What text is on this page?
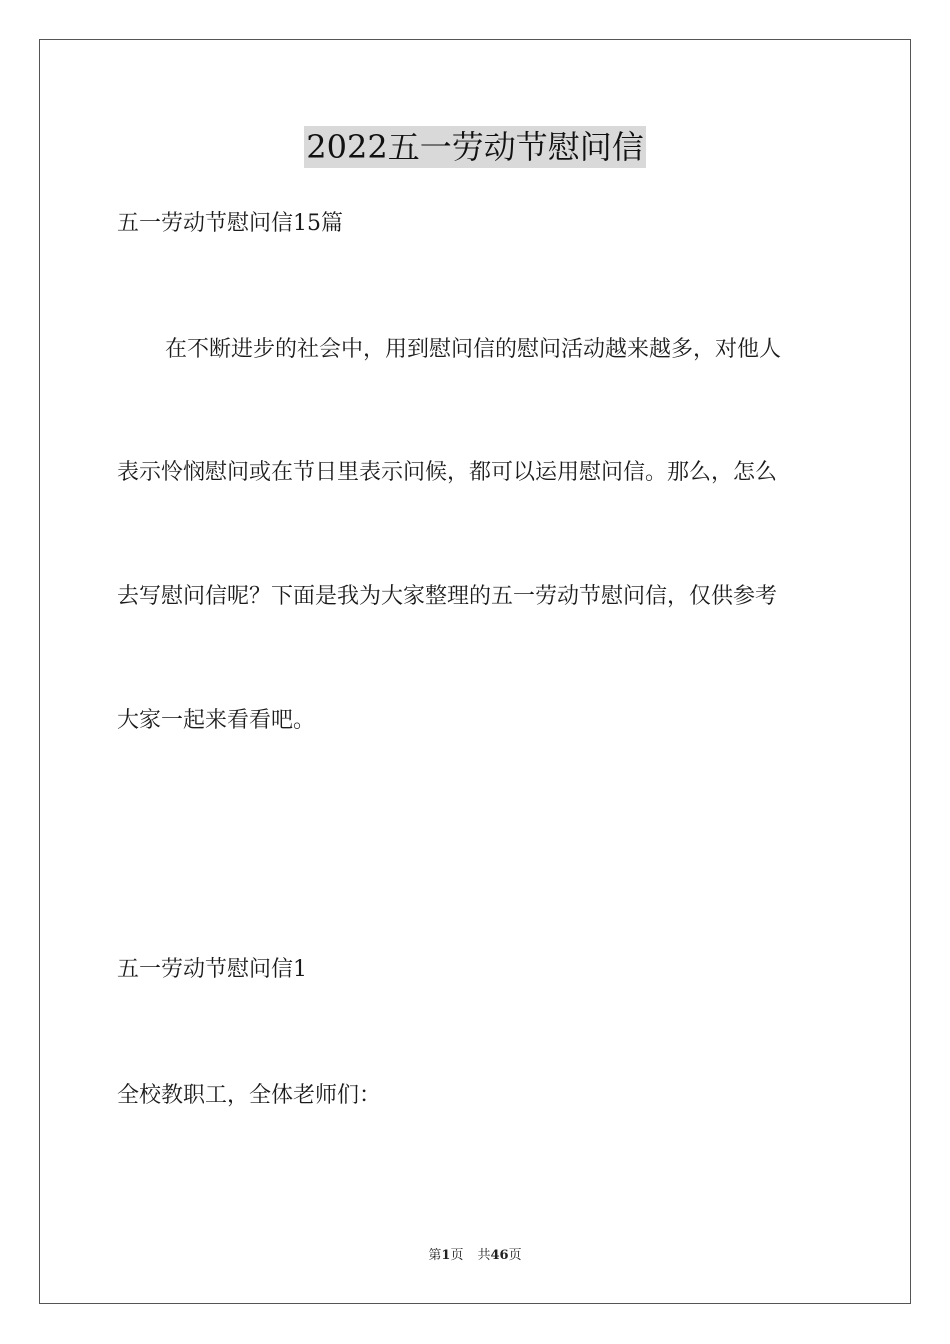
2022五一劳动节慰问信
五一劳动节慰问信15篇
在不断进步的社会中，用到慰问信的慰问活动越来越多，对他人
表示怜悯慰问或在节日里表示问候，都可以运用慰问信。那么，怎么
去写慰问信呢？下面是我为大家整理的五一劳动节慰问信，仅供参考
大家一起来看看吧。
五一劳动节慰问信1
全校教职工，全体老师们：
第1页 共46页
